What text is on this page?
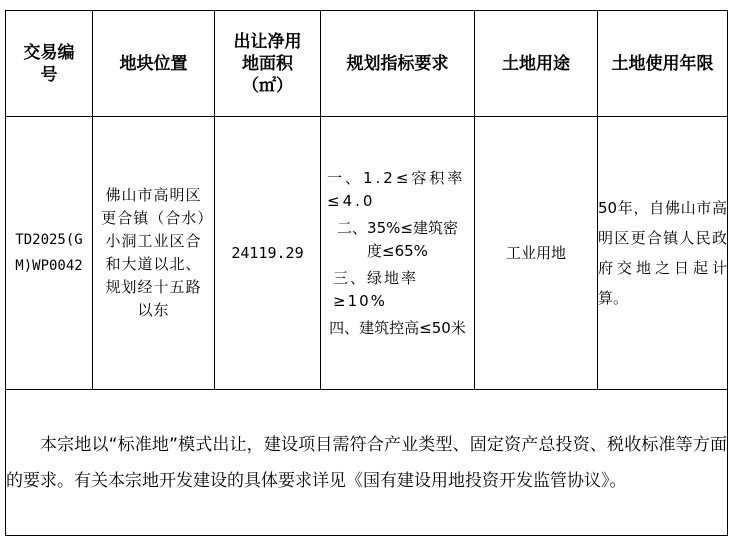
交易编号	地块位置	出让净用地面积（㎡）	规划指标要求	土地用途	土地使用年限

TD2025(GM)WP0042	佛山市高明区更合镇（合水）小洞工业区合和大道以北、规划经十五路以东	24119.29	一、1.2≤容积率≤4.0
二、35%≤建筑密度≤65%
三、绿地率≥10%
四、建筑控高≤50米	工业用地	50年，自佛山市高明区更合镇人民政府交地之日起计算。

本宗地以“标准地”模式出让，建设项目需符合产业类型、固定资产总投资、税收标准等方面的要求。有关本宗地开发建设的具体要求详见《国有建设用地投资开发监管协议》。					
